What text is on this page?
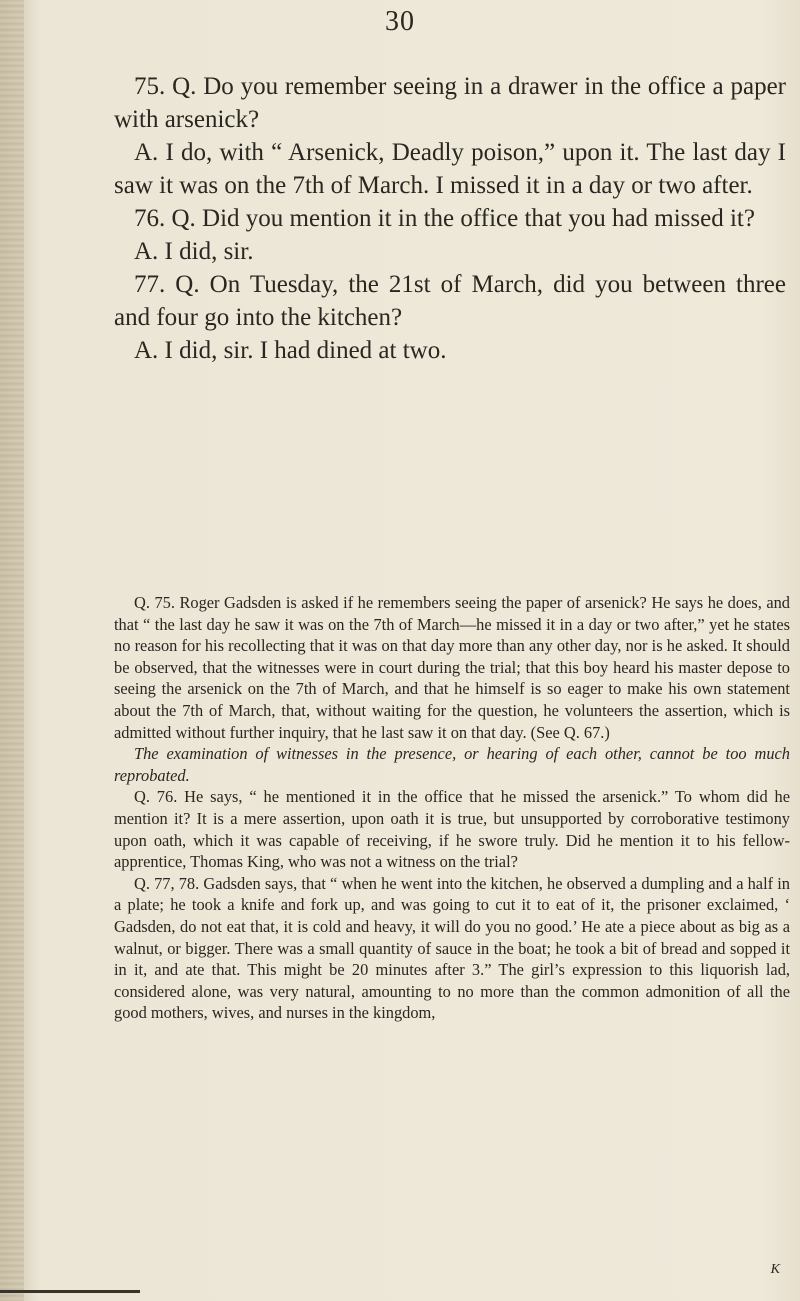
30

75. Q. Do you remember seeing in a drawer in the office a paper with arsenick?

A. I do, with “ Arsenick, Deadly poison,” upon it. The last day I saw it was on the 7th of March. I missed it in a day or two after.

76. Q. Did you mention it in the office that you had missed it?

A. I did, sir.

77. Q. On Tuesday, the 21st of March, did you between three and four go into the kitchen?

A. I did, sir. I had dined at two.

Q. 75. Roger Gadsden is asked if he remembers seeing the paper of arsenick? He says he does, and that “ the last day he saw it was on the 7th of March—he missed it in a day or two after,” yet he states no reason for his recollecting that it was on that day more than any other day, nor is he asked. It should be observed, that the witnesses were in court during the trial; that this boy heard his master depose to seeing the arsenick on the 7th of March, and that he himself is so eager to make his own statement about the 7th of March, that, without waiting for the question, he volunteers the assertion, which is admitted without further inquiry, that he last saw it on that day. (See Q. 67.)

The examination of witnesses in the presence, or hearing of each other, cannot be too much reprobated.

Q. 76. He says, “ he mentioned it in the office that he missed the arsenick.” To whom did he mention it? It is a mere assertion, upon oath it is true, but unsupported by corroborative testimony upon oath, which it was capable of receiving, if he swore truly. Did he mention it to his fellow-apprentice, Thomas King, who was not a witness on the trial?

Q. 77, 78. Gadsden says, that “ when he went into the kitchen, he observed a dumpling and a half in a plate; he took a knife and fork up, and was going to cut it to eat of it, the prisoner exclaimed, ‘ Gadsden, do not eat that, it is cold and heavy, it will do you no good.’ He ate a piece about as big as a walnut, or bigger. There was a small quantity of sauce in the boat; he took a bit of bread and sopped it in it, and ate that. This might be 20 minutes after 3.” The girl’s expression to this liquorish lad, considered alone, was very natural, amounting to no more than the common admonition of all the good mothers, wives, and nurses in the kingdom,

K
